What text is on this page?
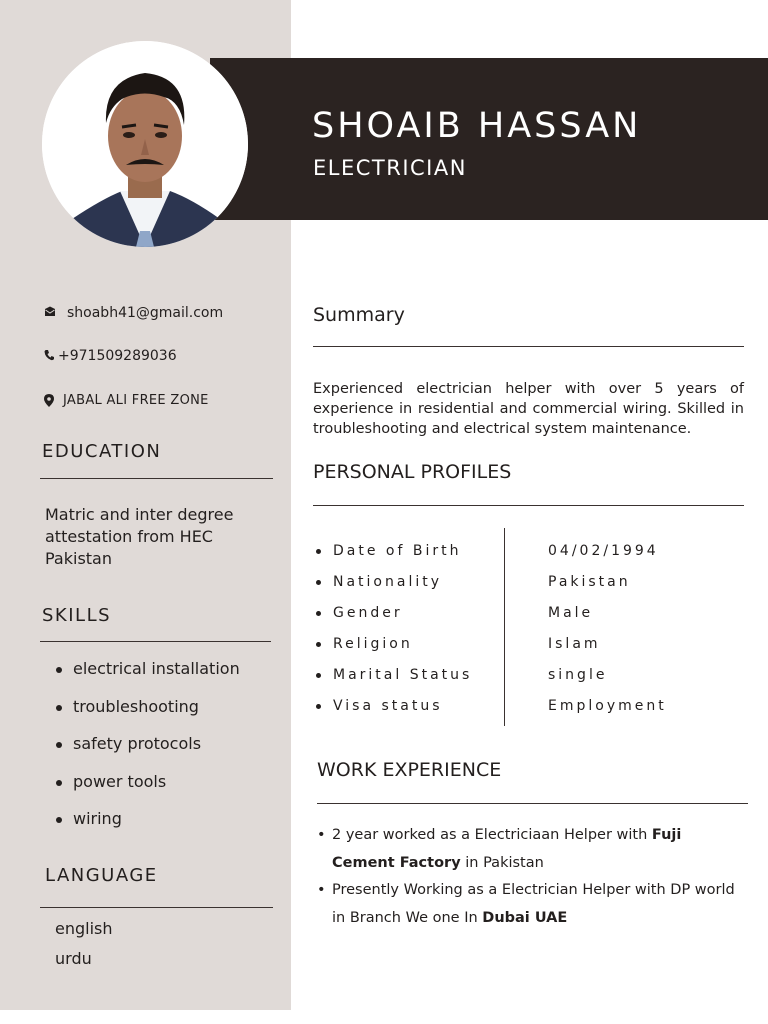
SHOAIB HASSAN
ELECTRICIAN
shoabh41@gmail.com
+971509289036
JABAL ALI FREE ZONE
EDUCATION
Matric and inter degree attestation from HEC Pakistan
SKILLS
electrical installation
troubleshooting
safety protocols
power tools
wiring
LANGUAGE
english
urdu
Summary
Experienced electrician helper with over 5 years of experience in residential and commercial wiring. Skilled in troubleshooting and electrical system maintenance.
PERSONAL PROFILES
Date of Birth
Nationality
Gender
Religion
Marital Status
Visa status
04/02/1994
Pakistan
Male
Islam
single
Employment
WORK EXPERIENCE
• 2 year worked as a Electriciaan Helper with Fuji Cement Factory in Pakistan
• Presently Working as a Electrician Helper with DP world in Branch We one In Dubai UAE
